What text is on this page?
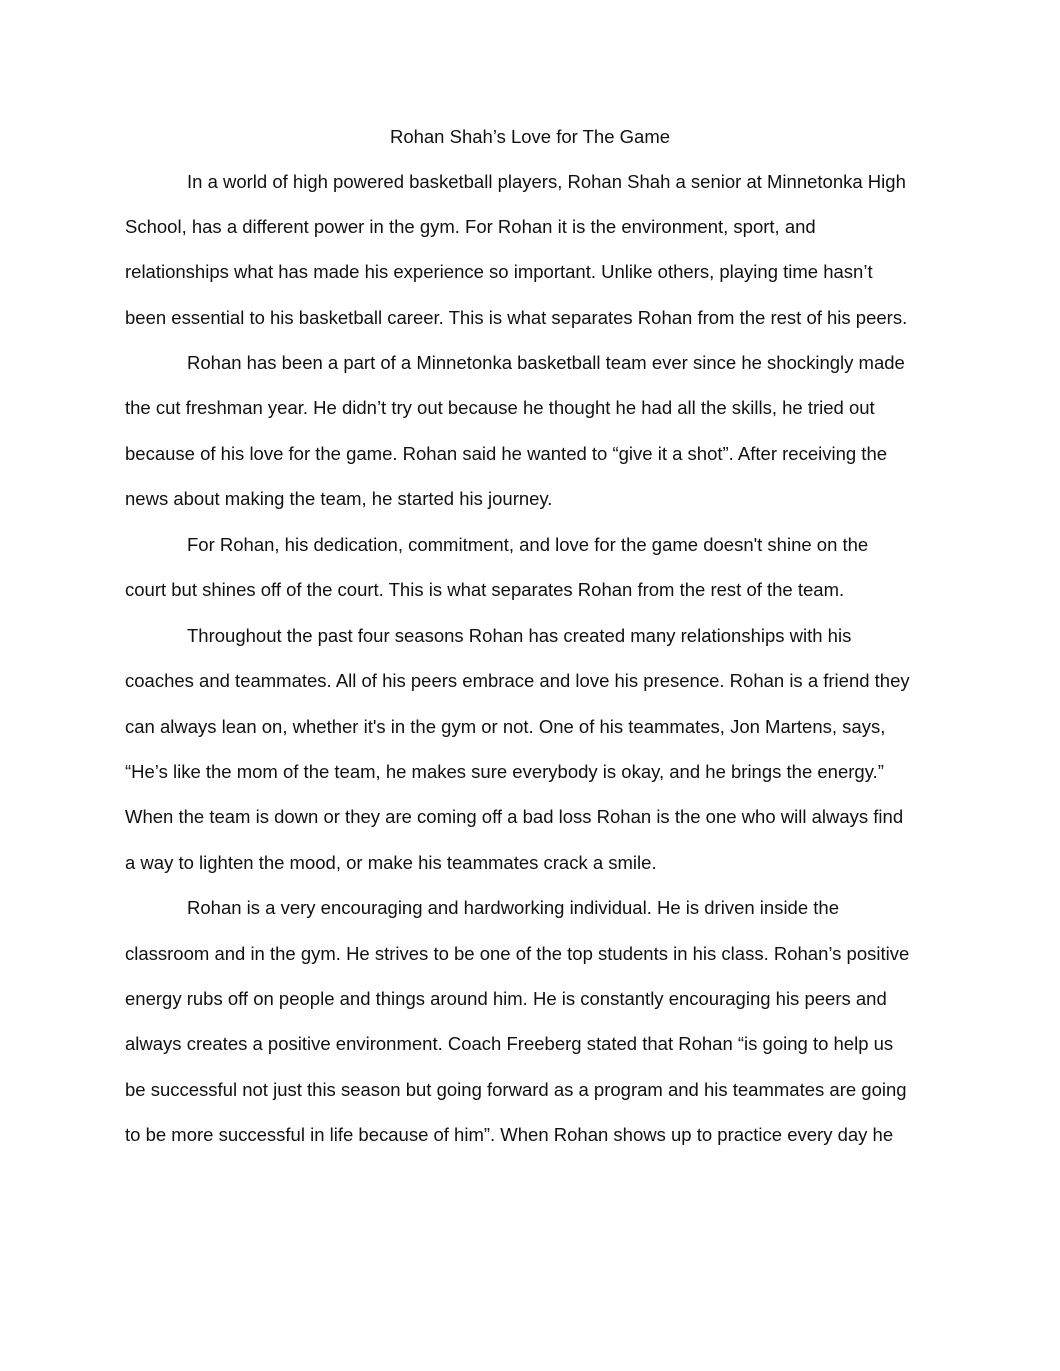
Rohan Shah’s Love for The Game
In a world of high powered basketball players, Rohan Shah a senior at Minnetonka High
School, has a different power in the gym. For Rohan it is the environment, sport, and
relationships what has made his experience so important. Unlike others, playing time hasn’t
been essential to his basketball career. This is what separates Rohan from the rest of his peers.
Rohan has been a part of a Minnetonka basketball team ever since he shockingly made
the cut freshman year. He didn’t try out because he thought he had all the skills, he tried out
because of his love for the game. Rohan said he wanted to “give it a shot”. After receiving the
news about making the team, he started his journey.
For Rohan, his dedication, commitment, and love for the game doesn't shine on the
court but shines off of the court. This is what separates Rohan from the rest of the team.
Throughout the past four seasons Rohan has created many relationships with his
coaches and teammates. All of his peers embrace and love his presence. Rohan is a friend they
can always lean on, whether it's in the gym or not. One of his teammates, Jon Martens, says,
“He’s like the mom of the team, he makes sure everybody is okay, and he brings the energy.”
When the team is down or they are coming off a bad loss Rohan is the one who will always find
a way to lighten the mood, or make his teammates crack a smile.
Rohan is a very encouraging and hardworking individual. He is driven inside the
classroom and in the gym. He strives to be one of the top students in his class. Rohan’s positive
energy rubs off on people and things around him. He is constantly encouraging his peers and
always creates a positive environment. Coach Freeberg stated that Rohan “is going to help us
be successful not just this season but going forward as a program and his teammates are going
to be more successful in life because of him”. When Rohan shows up to practice every day he
